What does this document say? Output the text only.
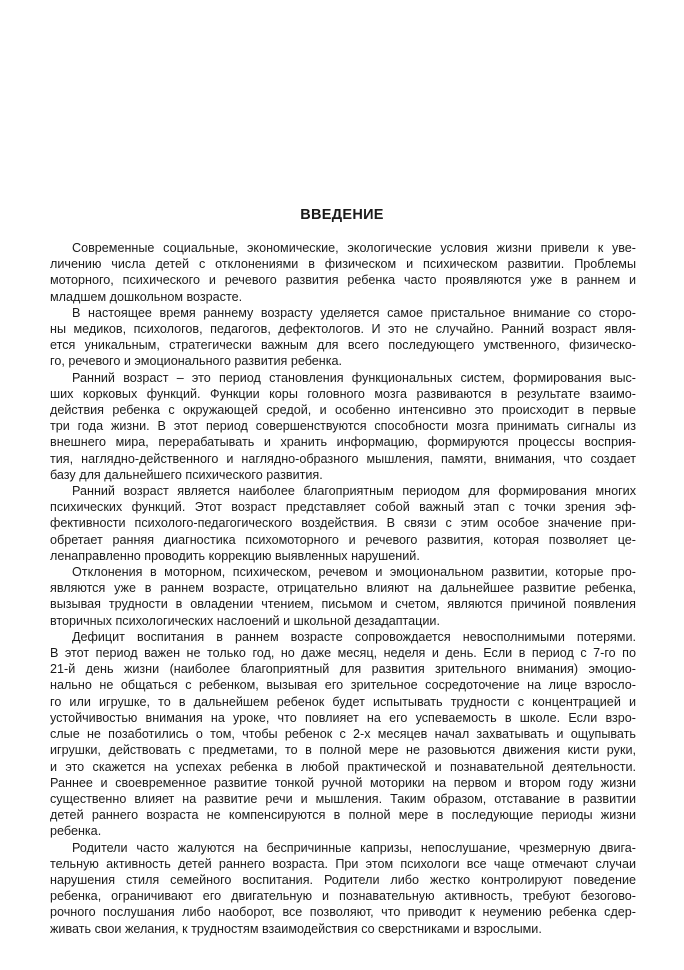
ВВЕДЕНИЕ
Современные социальные, экономические, экологические условия жизни привели к уве-
личению числа детей с отклонениями в физическом и психическом развитии. Проблемы
моторного, психического и речевого развития ребенка часто проявляются уже в раннем и
младшем дошкольном возрасте.
В настоящее время раннему возрасту уделяется самое пристальное внимание со сторо-
ны медиков, психологов, педагогов, дефектологов. И это не случайно. Ранний возраст явля-
ется уникальным, стратегически важным для всего последующего умственного, физическо-
го, речевого и эмоционального развития ребенка.
Ранний возраст – это период становления функциональных систем, формирования выс-
ших корковых функций. Функции коры головного мозга развиваются в результате взаимо-
действия ребенка с окружающей средой, и особенно интенсивно это происходит в первые
три года жизни. В этот период совершенствуются способности мозга принимать сигналы из
внешнего мира, перерабатывать и хранить информацию, формируются процессы восприя-
тия, наглядно-действенного и наглядно-образного мышления, памяти, внимания, что создает
базу для дальнейшего психического развития.
Ранний возраст является наиболее благоприятным периодом для формирования многих
психических функций. Этот возраст представляет собой важный этап с точки зрения эф-
фективности психолого-педагогического воздействия. В связи с этим особое значение при-
обретает ранняя диагностика психомоторного и речевого развития, которая позволяет це-
ленаправленно проводить коррекцию выявленных нарушений.
Отклонения в моторном, психическом, речевом и эмоциональном развитии, которые про-
являются уже в раннем возрасте, отрицательно влияют на дальнейшее развитие ребенка,
вызывая трудности в овладении чтением, письмом и счетом, являются причиной появления
вторичных психологических наслоений и школьной дезадаптации.
Дефицит воспитания в раннем возрасте сопровождается невосполнимыми потерями.
В этот период важен не только год, но даже месяц, неделя и день. Если в период с 7-го по
21-й день жизни (наиболее благоприятный для развития зрительного внимания) эмоцио-
нально не общаться с ребенком, вызывая его зрительное сосредоточение на лице взросло-
го или игрушке, то в дальнейшем ребенок будет испытывать трудности с концентрацией и
устойчивостью внимания на уроке, что повлияет на его успеваемость в школе. Если взро-
слые не позаботились о том, чтобы ребенок с 2-х месяцев начал захватывать и ощупывать
игрушки, действовать с предметами, то в полной мере не разовьются движения кисти руки,
и это скажется на успехах ребенка в любой практической и познавательной деятельности.
Раннее и своевременное развитие тонкой ручной моторики на первом и втором году жизни
существенно влияет на развитие речи и мышления. Таким образом, отставание в развитии
детей раннего возраста не компенсируются в полной мере в последующие периоды жизни
ребенка.
Родители часто жалуются на беспричинные капризы, непослушание, чрезмерную двига-
тельную активность детей раннего возраста. При этом психологи все чаще отмечают случаи
нарушения стиля семейного воспитания. Родители либо жестко контролируют поведение
ребенка, ограничивают его двигательную и познавательную активность, требуют безогово-
рочного послушания либо наоборот, все позволяют, что приводит к неумению ребенка сдер-
живать свои желания, к трудностям взаимодействия со сверстниками и взрослыми.
